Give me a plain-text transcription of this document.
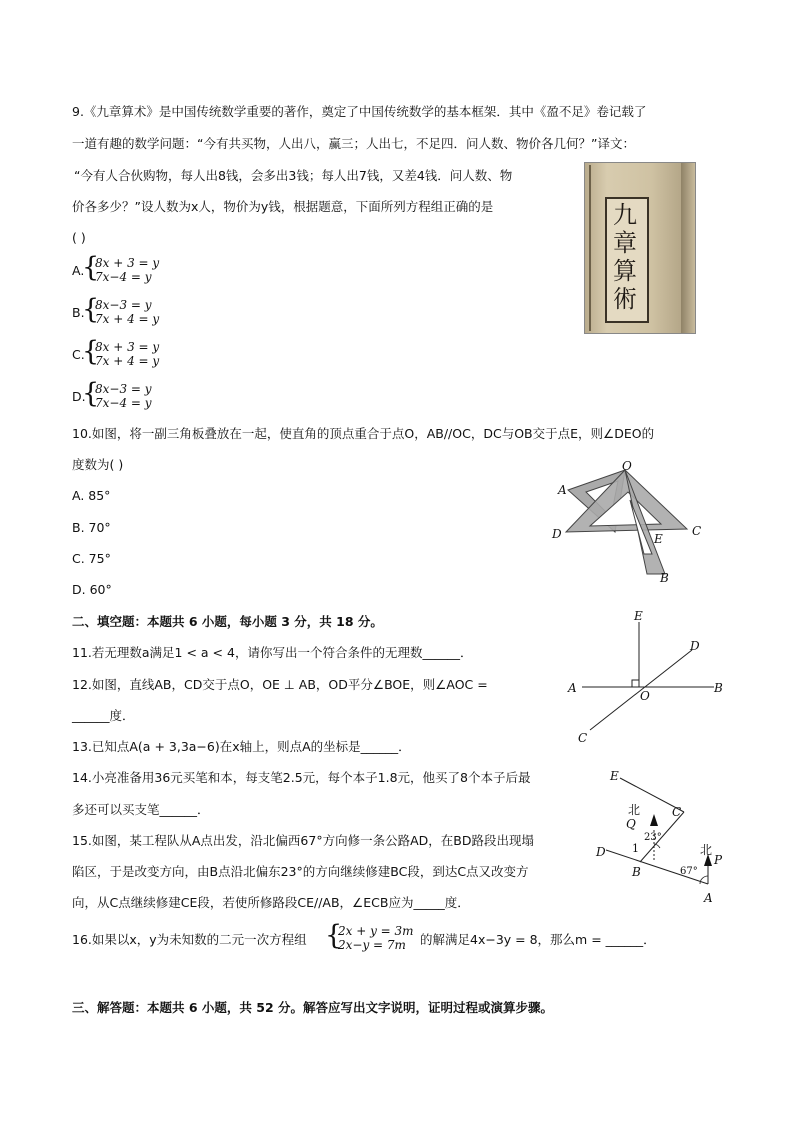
9.《九章算术》是中国传统数学重要的著作，奠定了中国传统数学的基本框架．其中《盈不足》卷记载了
一道有趣的数学问题：“今有共买物，人出八，赢三；人出七，不足四．问人数、物价各几何？”译文：
“今有人合伙购物，每人出8钱，会多出3钱；每人出7钱，又差4钱．问人数、物
价各多少？”设人数为x人，物价为y钱，根据题意，下面所列方程组正确的是
( )
A.
{
8x + 3 = y
7x−4 = y
B.
{
8x−3 = y
7x + 4 = y
C.
{
8x + 3 = y
7x + 4 = y
D.
{
8x−3 = y
7x−4 = y
九
章
算
術
10.如图，将一副三角板叠放在一起，使直角的顶点重合于点O，AB//OC，DC与OB交于点E，则∠DEO的
度数为( )
A. 85°
B. 70°
C. 75°
D. 60°
O
A
C
D	E
B
二、填空题：本题共 6 小题，每小题 3 分，共 18 分。
11.若无理数a满足1 < a < 4，请你写出一个符合条件的无理数______．
12.如图，直线AB，CD交于点O，OE ⊥ AB，OD平分∠BOE，则∠AOC =
______度．
E
D
A
O
B
C
13.已知点A(a + 3,3a−6)在x轴上，则点A的坐标是______．
14.小亮准备用36元买笔和本，每支笔2.5元，每个本子1.8元，他买了8个本子后最
多还可以买支笔______．
15.如图，某工程队从A点出发，沿北偏西67°方向修一条公路AD，在BD路段出现塌
陷区，于是改变方向，由B点沿北偏东23°的方向继续修建BC段，到达C点又改变方
向，从C点继续修建CE段，若使所修路段CE//AB，∠ECB应为_____度．
E
C
北
Q
23°
1
D
B
北
P
67°
A
16.如果以x，y为未知数的二元一次方程组 {
2x + y = 3m
2x−y = 7m 的解满足4x−3y = 8，那么m = ______．
三、解答题：本题共 6 小题，共 52 分。解答应写出文字说明，证明过程或演算步骤。
